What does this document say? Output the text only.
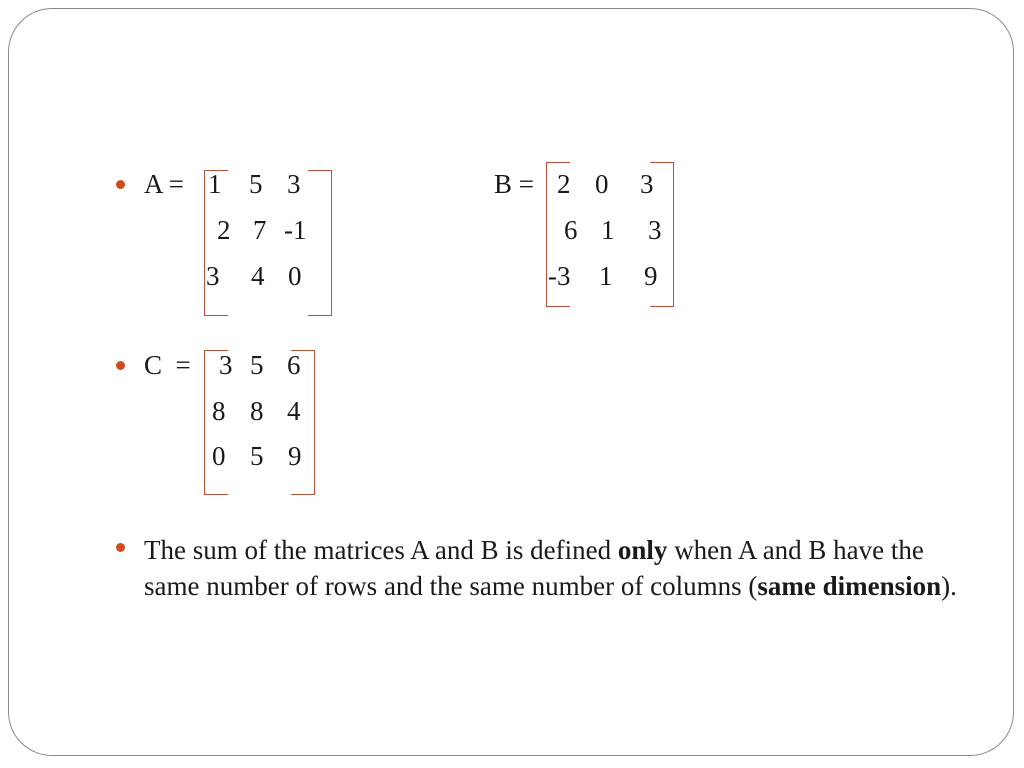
A = 1 5 3
2 7 -1
3 4 0
B = 2 0 3
6 1 3
-3 1 9
C  = 3 5 6
8 8 4
0 5 9
The sum of the matrices A and B is defined only when A and B have the same number of rows and the same number of columns (same dimension).
